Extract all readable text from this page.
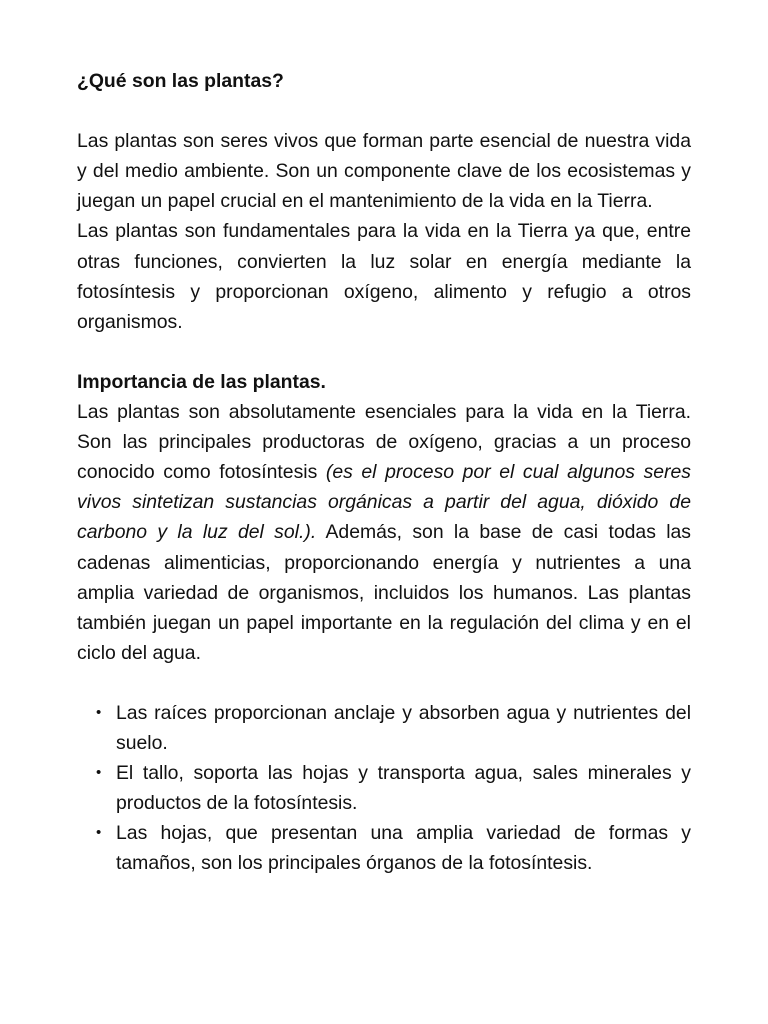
¿Qué son las plantas?

Las plantas son seres vivos que forman parte esencial de nuestra vida y del medio ambiente. Son un componente clave de los ecosistemas y juegan un papel crucial en el mantenimiento de la vida en la Tierra.

Las plantas son fundamentales para la vida en la Tierra ya que, entre otras funciones, convierten la luz solar en energía mediante la fotosíntesis y proporcionan oxígeno, alimento y refugio a otros organismos.

Importancia de las plantas.

Las plantas son absolutamente esenciales para la vida en la Tierra. Son las principales productoras de oxígeno, gracias a un proceso conocido como fotosíntesis (es el proceso por el cual algunos seres vivos sintetizan sustancias orgánicas a partir del agua, dióxido de carbono y la luz del sol.). Además, son la base de casi todas las cadenas alimenticias, proporcionando energía y nutrientes a una amplia variedad de organismos, incluidos los humanos. Las plantas también juegan un papel importante en la regulación del clima y en el ciclo del agua.

• Las raíces proporcionan anclaje y absorben agua y nutrientes del suelo.
• El tallo, soporta las hojas y transporta agua, sales minerales y productos de la fotosíntesis.
• Las hojas, que presentan una amplia variedad de formas y tamaños, son los principales órganos de la fotosíntesis.
